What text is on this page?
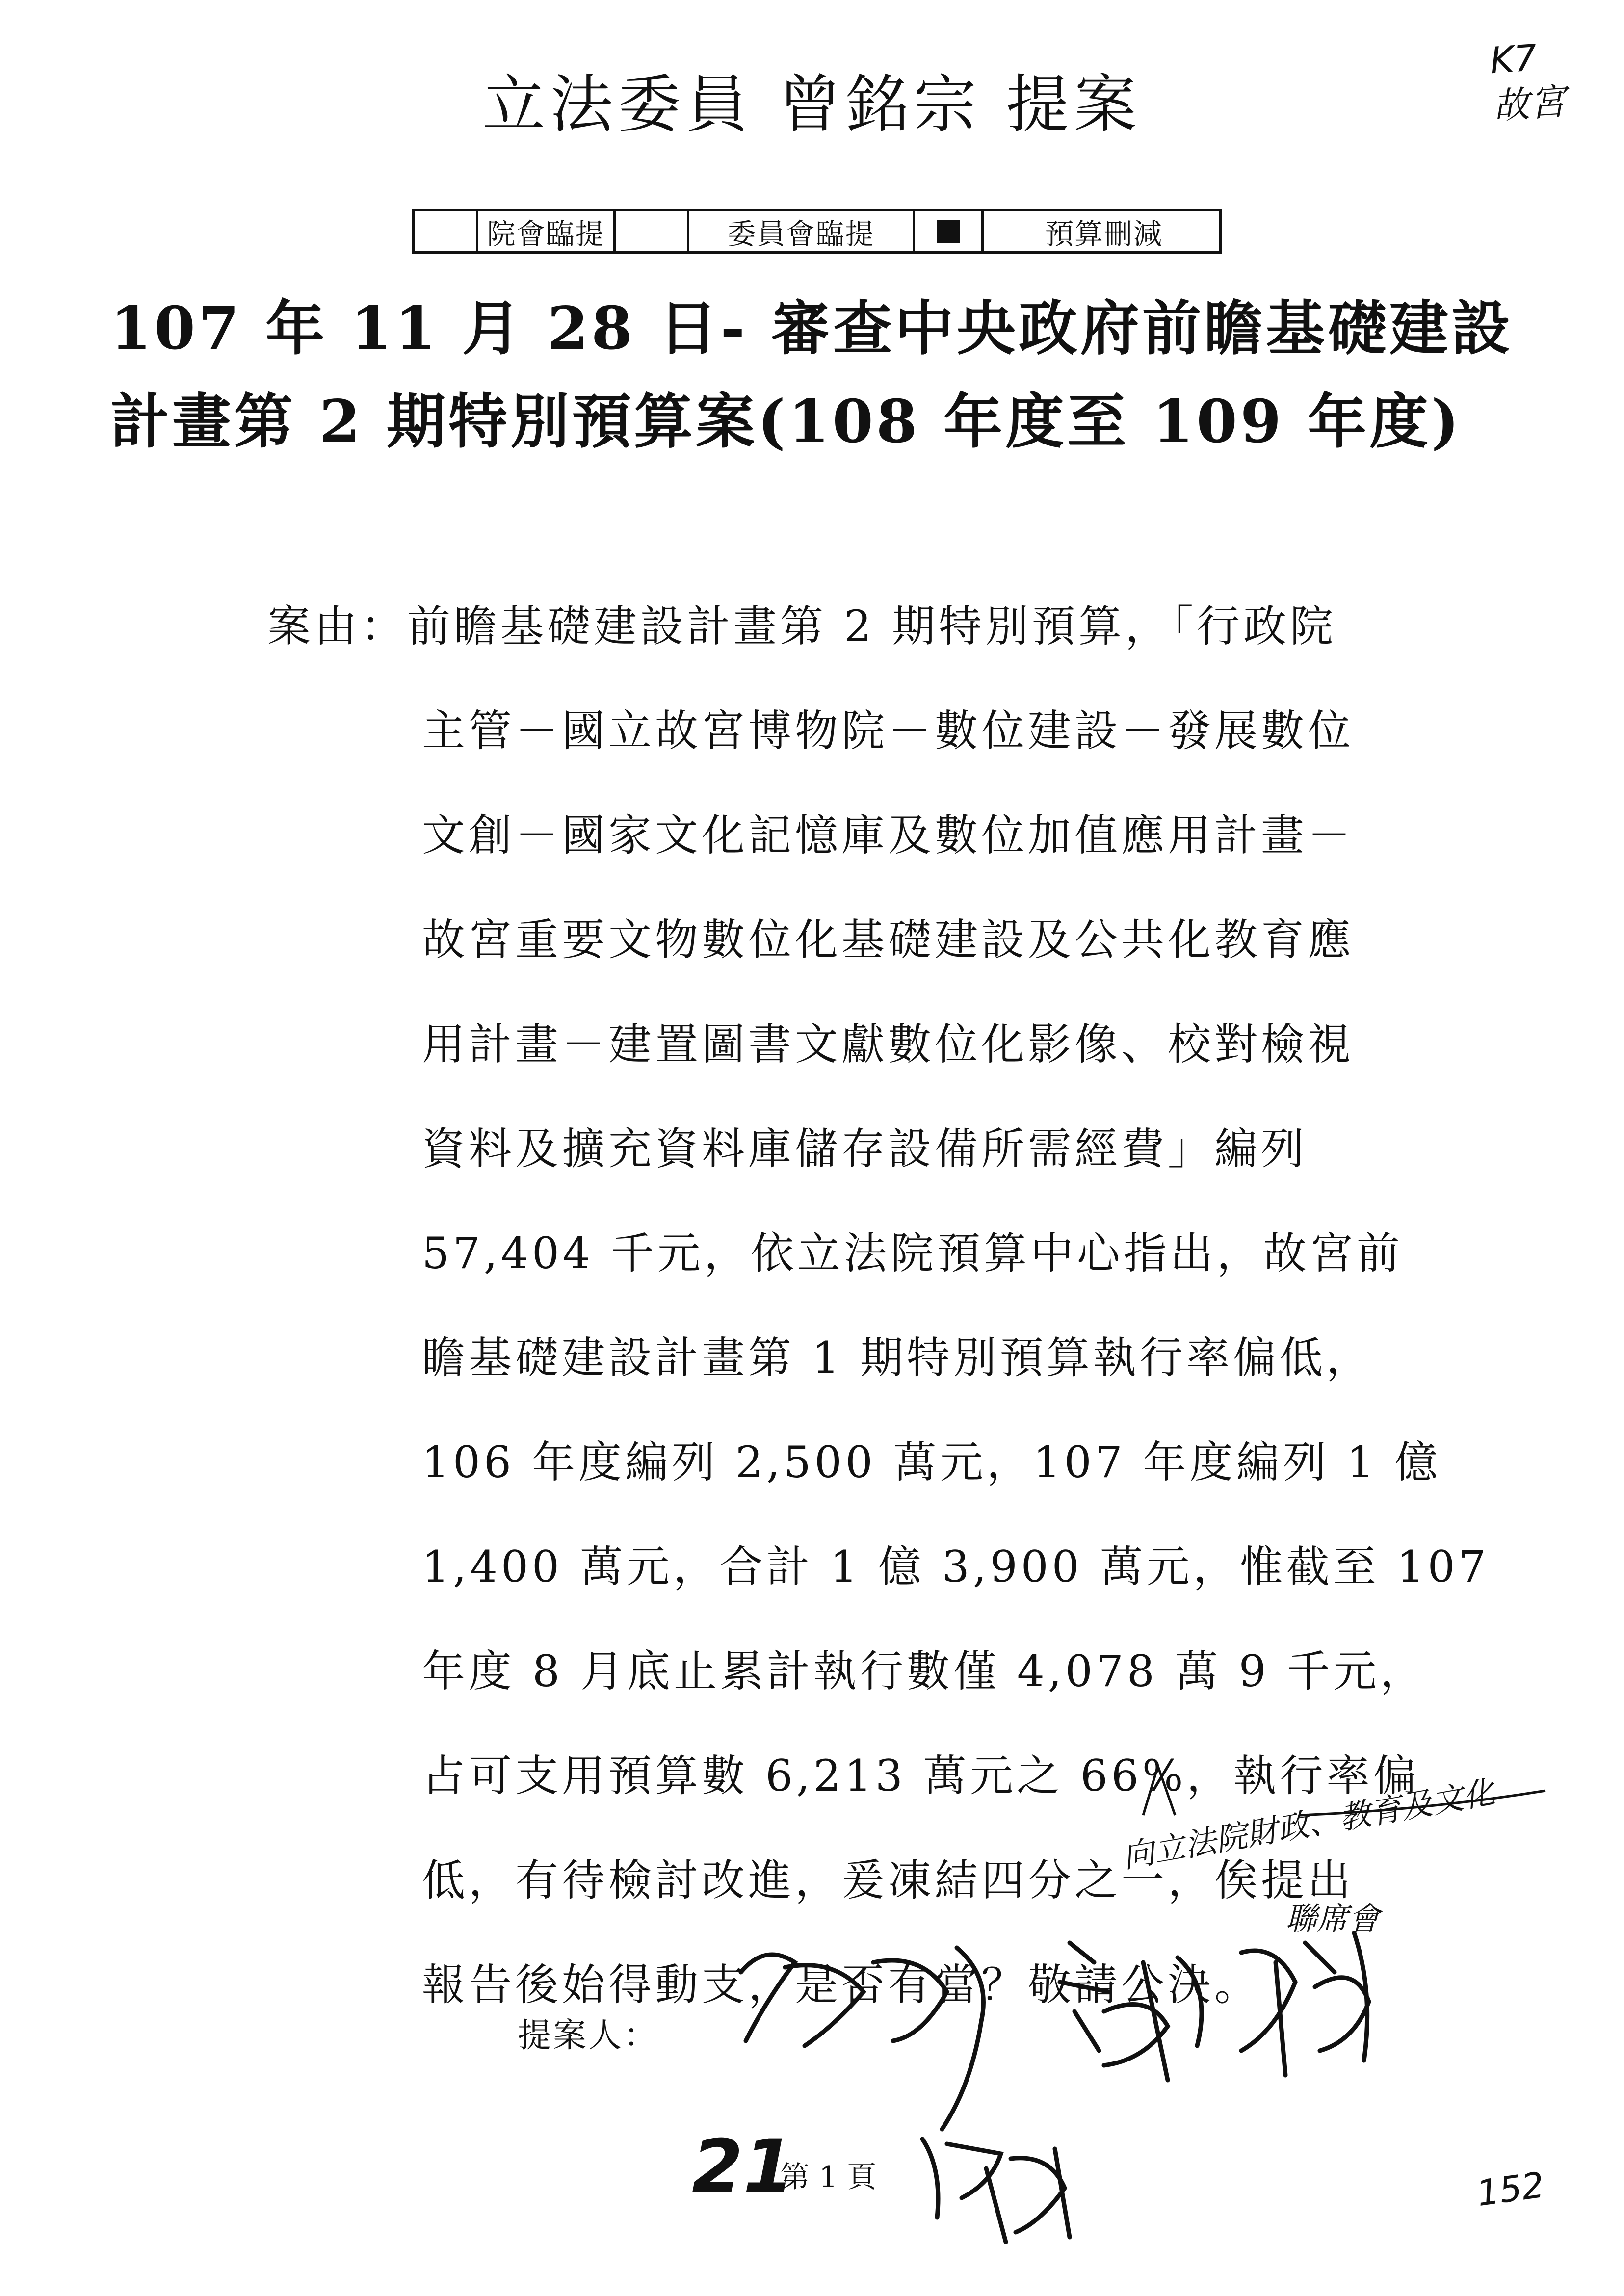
立法委員 曾銘宗 提案
K7
故宮
院會臨提	委員會臨提	預算刪減
107 年 11 月 28 日- 審查中央政府前瞻基礎建設
計畫第 2 期特別預算案(108 年度至 109 年度)
案由：前瞻基礎建設計畫第 2 期特別預算，「行政院
主管－國立故宮博物院－數位建設－發展數位
文創－國家文化記憶庫及數位加值應用計畫－
故宮重要文物數位化基礎建設及公共化教育應
用計畫－建置圖書文獻數位化影像、校對檢視
資料及擴充資料庫儲存設備所需經費」編列
57,404 千元，依立法院預算中心指出，故宮前
瞻基礎建設計畫第 1 期特別預算執行率偏低，
106 年度編列 2,500 萬元，107 年度編列 1 億
1,400 萬元，合計 1 億 3,900 萬元，惟截至 107
年度 8 月底止累計執行數僅 4,078 萬 9 千元，
占可支用預算數 6,213 萬元之 66%，執行率偏
低，有待檢討改進，爰凍結四分之一，俟提出
報告後始得動支，是否有當？敬請公決。
向立法院財政、教育及文化
聯席會
提案人：
21
第 1 頁	152
